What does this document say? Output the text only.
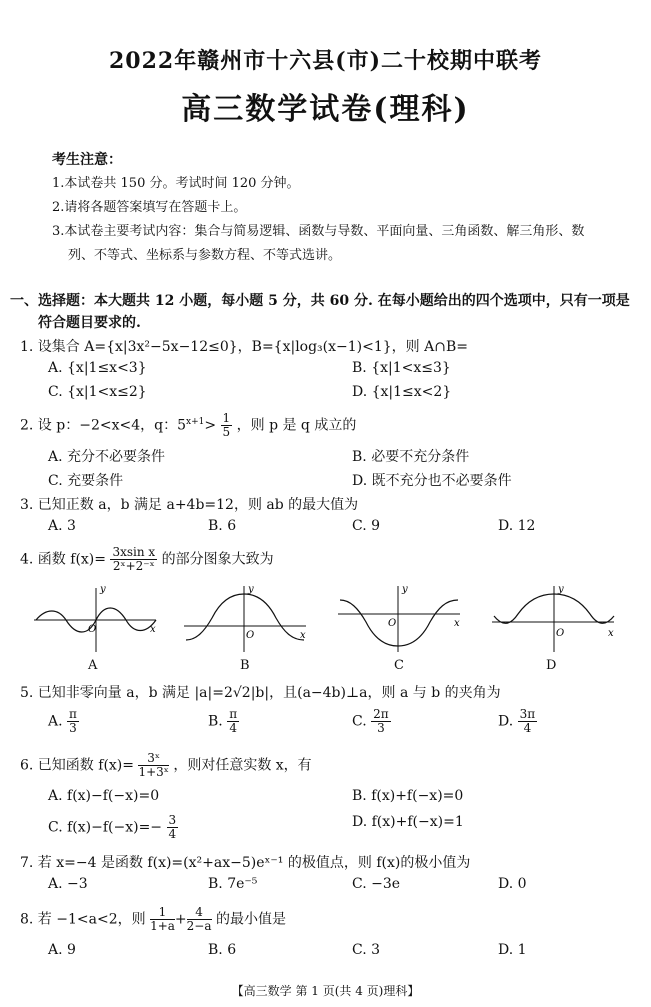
2022年赣州市十六县(市)二十校期中联考
高三数学试卷(理科)
考生注意：
1.本试卷共 150 分。考试时间 120 分钟。
2.请将各题答案填写在答题卡上。
3.本试卷主要考试内容：集合与简易逻辑、函数与导数、平面向量、三角函数、解三角形、数
列、不等式、坐标系与参数方程、不等式选讲。
一、选择题：本大题共 12 小题，每小题 5 分，共 60 分. 在每小题给出的四个选项中，只有一项是
符合题目要求的.
1. 设集合 A={x|3x²−5x−12≤0}，B={x|log₃(x−1)<1}，则 A∩B=
A. {x|1≤x<3}	B. {x|1<x≤3}
C. {x|1<x≤2}	D. {x|1≤x<2}
2. 设 p：−2<x<4，q：$5^{x+1}> \frac{1}{5}$ ，则 p 是 q 成立的
A. 充分不必要条件	B. 必要不充分条件
C. 充要条件	D. 既不充分也不必要条件
3. 已知正数 a，b 满足 a+4b=12，则 ab 的最大值为
A. 3	B. 6	C. 9	D. 12
4. 函数 $f(x)= \frac{\text{3xsin x}}{\text{2ˣ+2⁻ˣ}}$ 的部分图象大致为
y
x
O
A
y
x
O
B
y
x
O
C
y
x
O
D
5. 已知非零向量 a，b 满足 |a|=2√2|b|，且(a−4b)⊥a，则 a 与 b 的夹角为
A. $\frac{\pi}{3}$	B. $\frac{\pi}{4}$	C. $\frac{2\pi}{3}$	D. $\frac{3\pi}{4}$
6. 已知函数 $f(x)= \frac{\text{3ˣ}}{\text{1+3ˣ}}$ ，则对任意实数 x，有
A. f(x)−f(−x)=0	B. f(x)+f(−x)=0
C. $f(x)-f(-x)=- \frac{3}{4}$	D. f(x)+f(−x)=1
7. 若 x=−4 是函数 f(x)=(x²+ax−5)eˣ⁻¹ 的极值点，则 f(x)的极小值为
A. −3	B. 7e⁻⁵	C. −3e	D. 0
8. 若 −1<a<2，则 $\frac{1}{1+a} + \frac{4}{2-a}$ 的最小值是
A. 9	B. 6	C. 3	D. 1
【高三数学 第 1 页(共 4 页)理科】
